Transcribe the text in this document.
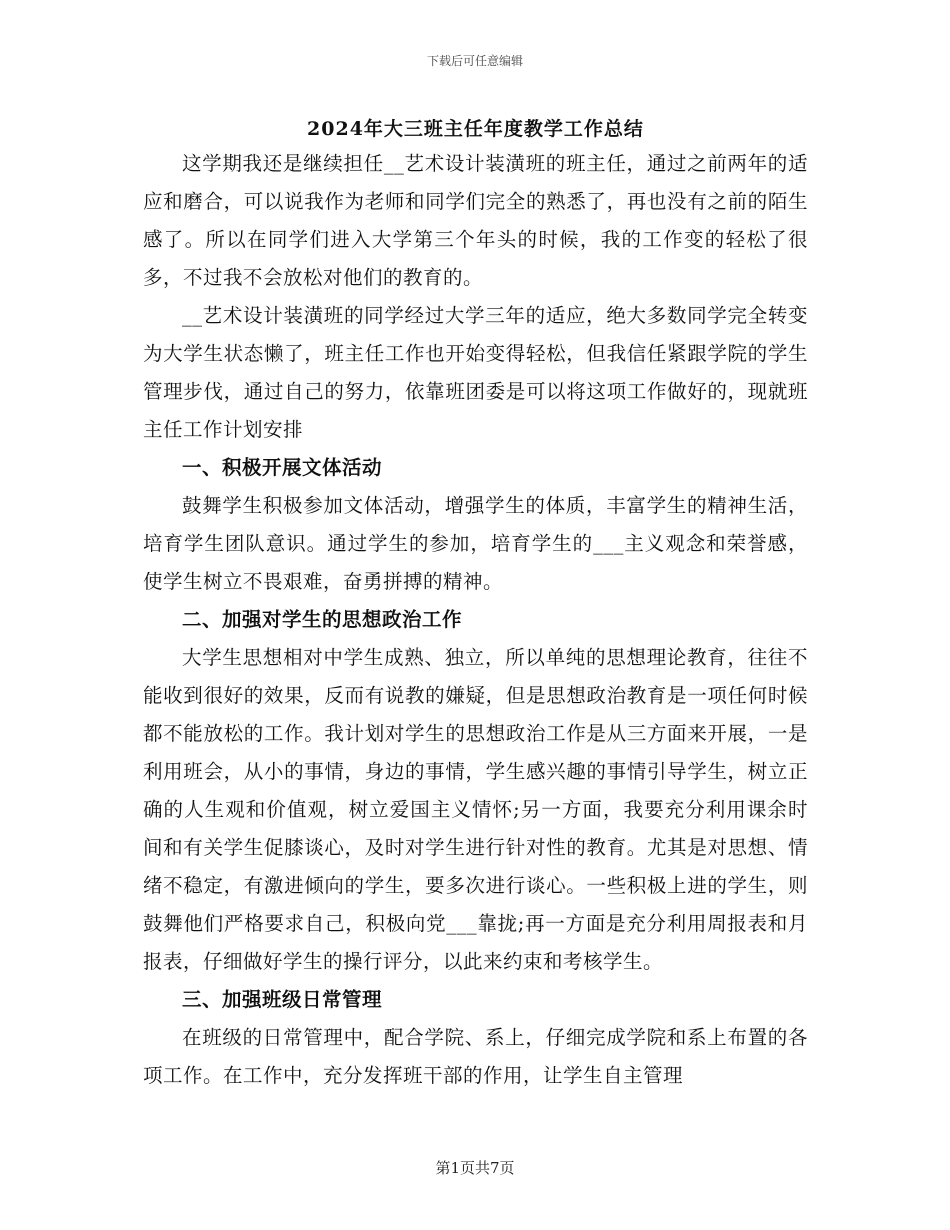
下载后可任意编辑
2024年大三班主任年度教学工作总结

这学期我还是继续担任__艺术设计装潢班的班主任，通过之前两年的适应和磨合，可以说我作为老师和同学们完全的熟悉了，再也没有之前的陌生感了。所以在同学们进入大学第三个年头的时候，我的工作变的轻松了很多，不过我不会放松对他们的教育的。

__艺术设计装潢班的同学经过大学三年的适应，绝大多数同学完全转变为大学生状态懒了，班主任工作也开始变得轻松，但我信任紧跟学院的学生管理步伐，通过自己的努力，依靠班团委是可以将这项工作做好的，现就班主任工作计划安排

一、积极开展文体活动

鼓舞学生积极参加文体活动，增强学生的体质，丰富学生的精神生活，培育学生团队意识。通过学生的参加，培育学生的___主义观念和荣誉感，使学生树立不畏艰难，奋勇拼搏的精神。

二、加强对学生的思想政治工作

大学生思想相对中学生成熟、独立，所以单纯的思想理论教育，往往不能收到很好的效果，反而有说教的嫌疑，但是思想政治教育是一项任何时候都不能放松的工作。我计划对学生的思想政治工作是从三方面来开展，一是利用班会，从小的事情，身边的事情，学生感兴趣的事情引导学生，树立正确的人生观和价值观，树立爱国主义情怀;另一方面，我要充分利用课余时间和有关学生促膝谈心，及时对学生进行针对性的教育。尤其是对思想、情绪不稳定，有激进倾向的学生，要多次进行谈心。一些积极上进的学生，则鼓舞他们严格要求自己，积极向党___靠拢;再一方面是充分利用周报表和月报表，仔细做好学生的操行评分，以此来约束和考核学生。

三、加强班级日常管理

在班级的日常管理中，配合学院、系上，仔细完成学院和系上布置的各项工作。在工作中，充分发挥班干部的作用，让学生自主管理

第1页共7页
